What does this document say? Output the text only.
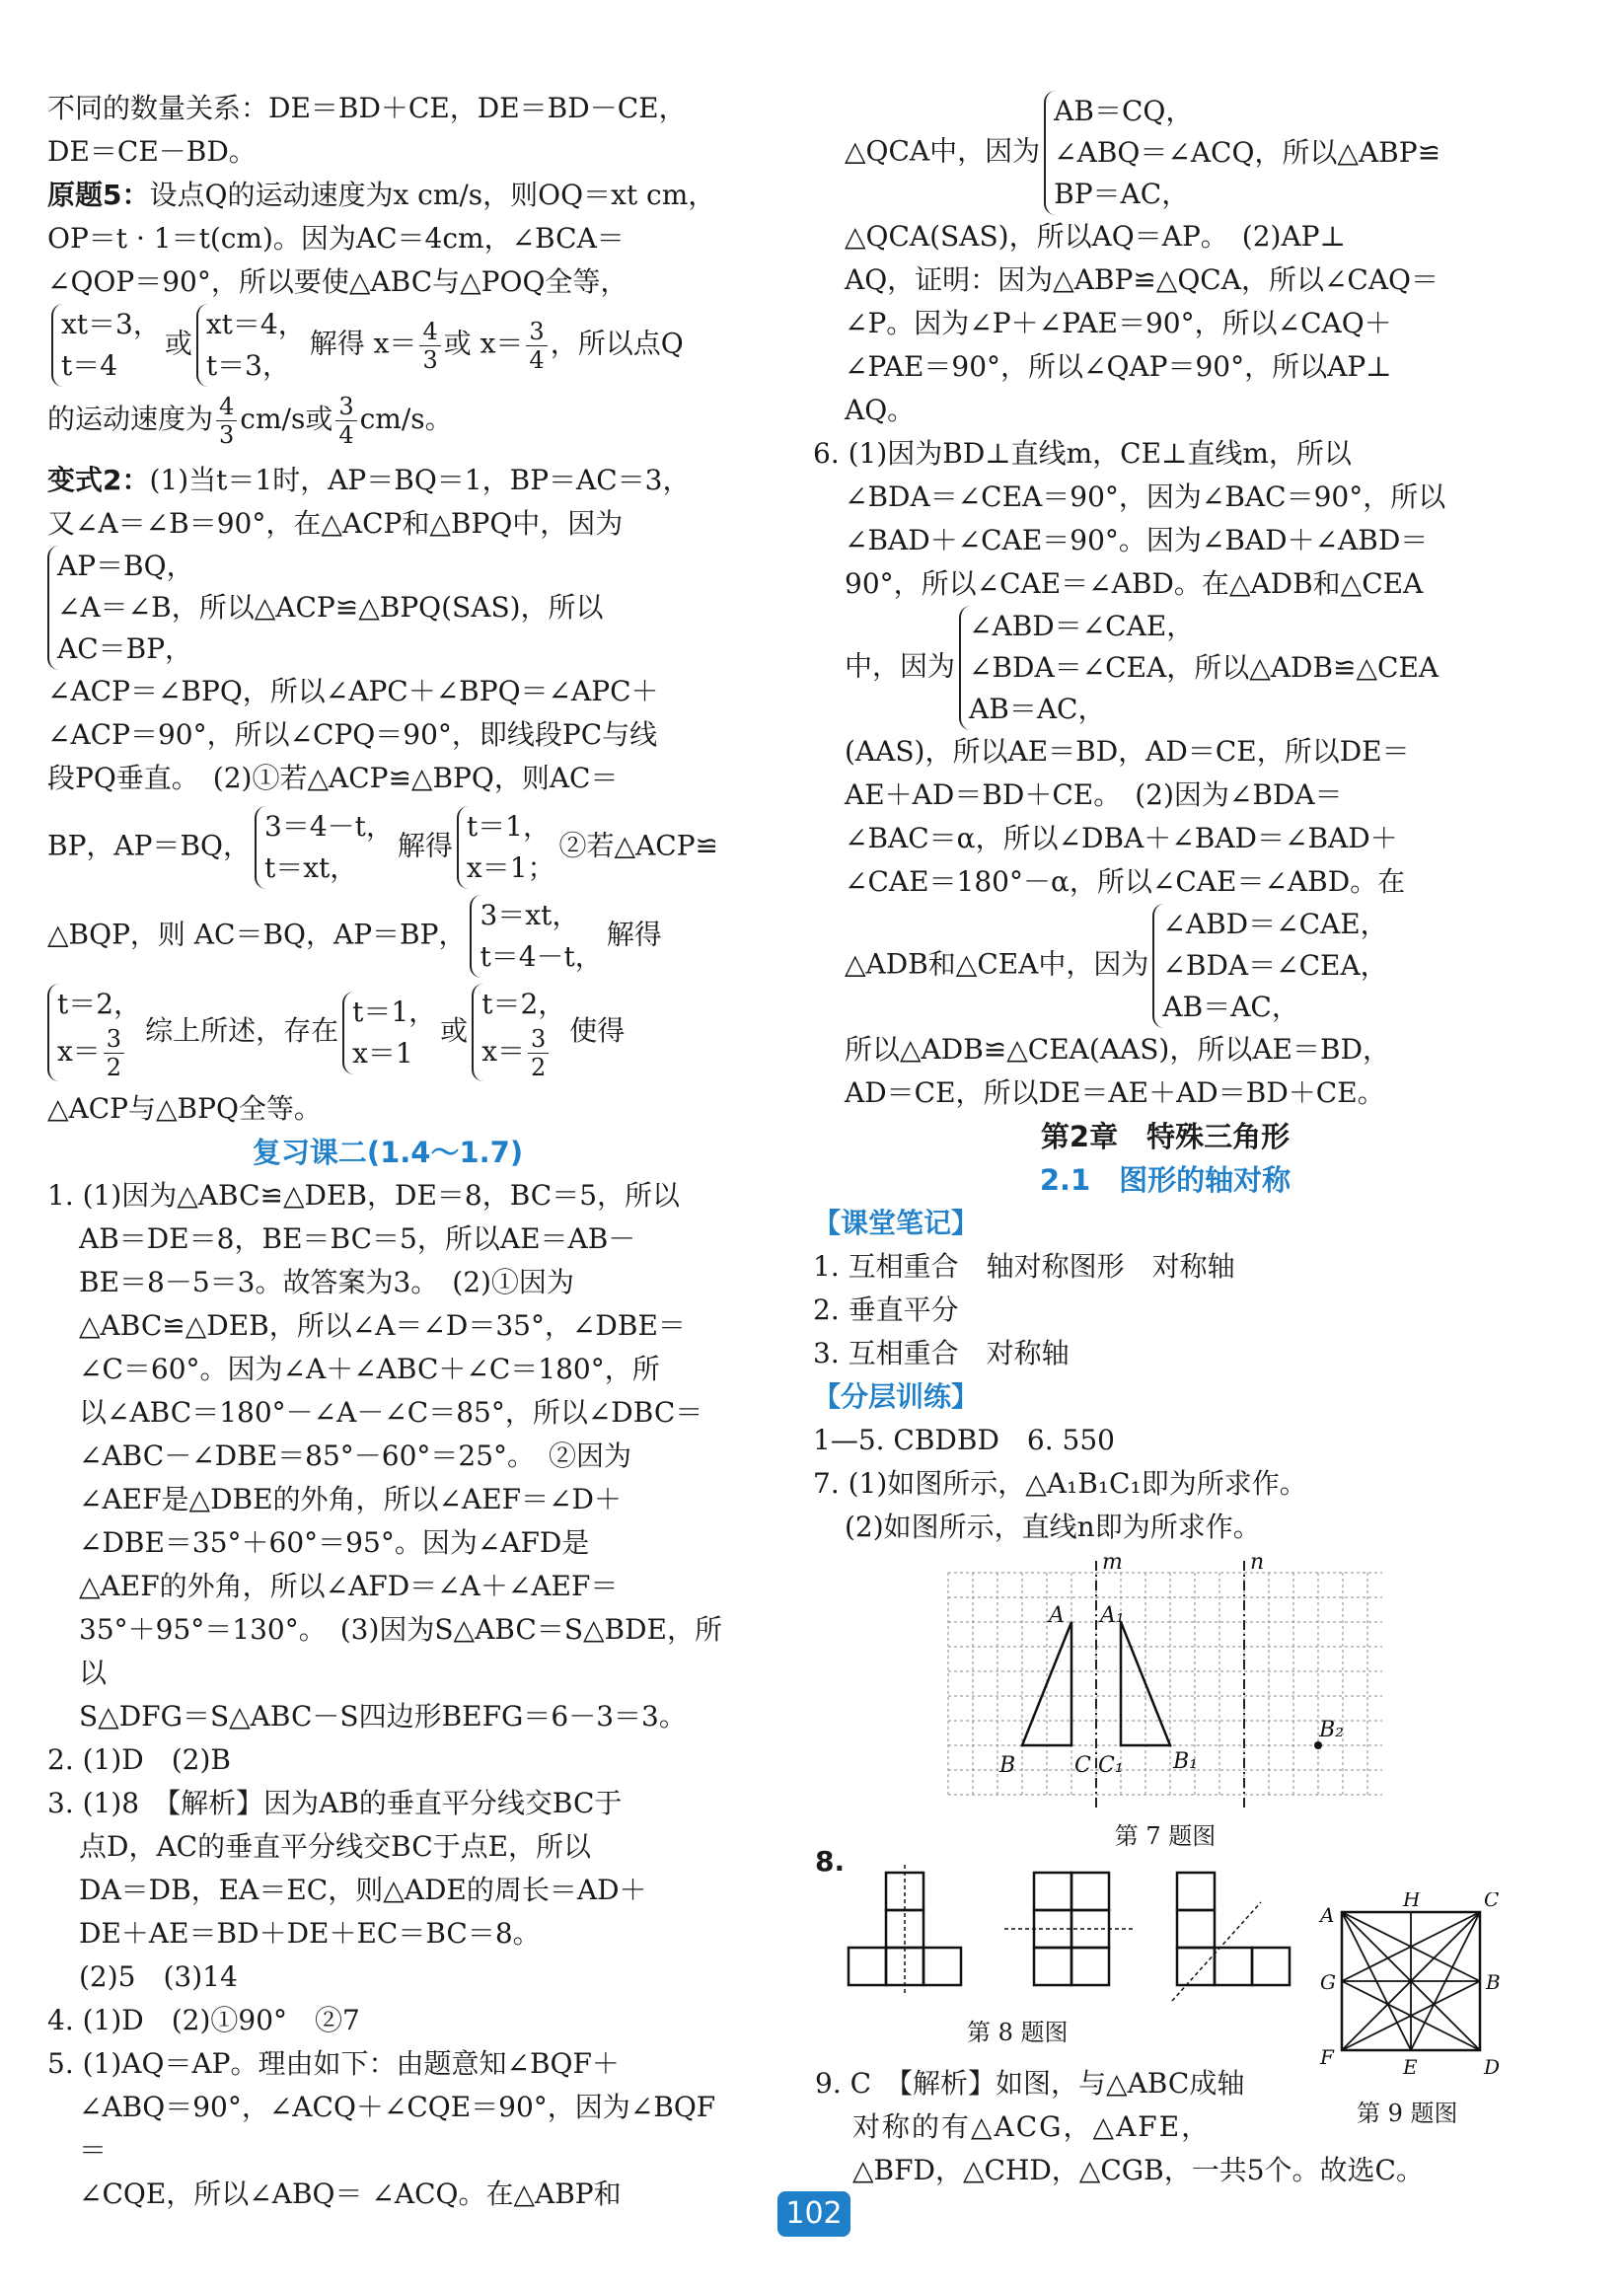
不同的数量关系：DE＝BD＋CE，DE＝BD－CE，

DE＝CE－BD。

原题5：设点Q的运动速度为x cm/s，则OQ＝xt cm，

OP＝t · 1＝t(cm)。因为AC＝4cm，∠BCA＝

∠QOP＝90°，所以要使△ABC与△POQ全等，

xt＝3，
t＝4或xt＝4，
t＝3，解得 $x= \frac{4}{3}$ 或 $x= \frac{3}{4}$ ，所以点Q

的运动速度为 $\frac{4}{3} cm/s$或 $\frac{3}{4} cm/s$。

变式2：(1)当t＝1时，AP＝BQ＝1，BP＝AC＝3，

又∠A＝∠B＝90°，在△ACP和△BPQ中，因为

AP＝BQ，
∠A＝∠B，所以△ACP≌△BPQ(SAS)，所以
AC＝BP，

∠ACP＝∠BPQ，所以∠APC＋∠BPQ＝∠APC＋

∠ACP＝90°，所以∠CPQ＝90°，即线段PC与线

段PQ垂直。　(2)①若△ACP≌△BPQ，则AC＝

BP，AP＝BQ，3＝4－t，
t＝xt，解得t＝1，
x＝1；②若△ACP≌

△BQP，则 AC＝BQ，AP＝BP，3＝xt，
t＝4－t，解得

t＝2，
$x= \frac{3}{2}$ 综上所述，存在t＝1，
x＝1或t＝2，
$x= \frac{3}{2}$ 使得

△ACP与△BPQ全等。

复习课二(1.4～1.7)

1. (1)因为△ABC≌△DEB，DE＝8，BC＝5，所以

AB＝DE＝8，BE＝BC＝5，所以AE＝AB－

BE＝8－5＝3。故答案为3。　(2)①因为

△ABC≌△DEB，所以∠A＝∠D＝35°，∠DBE＝

∠C＝60°。因为∠A＋∠ABC＋∠C＝180°，所

以∠ABC＝180°－∠A－∠C＝85°，所以∠DBC＝

∠ABC－∠DBE＝85°－60°＝25°。　②因为

∠AEF是△DBE的外角，所以∠AEF＝∠D＋

∠DBE＝35°＋60°＝95°。因为∠AFD是

△AEF的外角，所以∠AFD＝∠A＋∠AEF＝

35°＋95°＝130°。　(3)因为S△ABC＝S△BDE，所以

S△DFG＝S△ABC－S四边形BEFG＝6－3＝3。

2. (1)D　(2)B

3. (1)8　【解析】因为AB的垂直平分线交BC于

点D，AC的垂直平分线交BC于点E，所以

DA＝DB，EA＝EC，则△ADE的周长＝AD＋

DE＋AE＝BD＋DE＋EC＝BC＝8。

(2)5　(3)14

4. (1)D　(2)①90°　②7

5. (1)AQ＝AP。理由如下：由题意知∠BQF＋

∠ABQ＝90°，∠ACQ＋∠CQE＝90°，因为∠BQF＝

∠CQE，所以∠ABQ＝ ∠ACQ。在△ABP和

△QCA中，因为AB＝CQ，
∠ABQ＝∠ACQ，所以△ABP≌
BP＝AC，

△QCA(SAS)，所以AQ＝AP。　(2)AP⊥

AQ，证明：因为△ABP≌△QCA，所以∠CAQ＝

∠P。因为∠P＋∠PAE＝90°，所以∠CAQ＋

∠PAE＝90°，所以∠QAP＝90°，所以AP⊥

AQ。

6. (1)因为BD⊥直线m，CE⊥直线m，所以

∠BDA＝∠CEA＝90°，因为∠BAC＝90°，所以

∠BAD＋∠CAE＝90°。因为∠BAD＋∠ABD＝

90°，所以∠CAE＝∠ABD。在△ADB和△CEA

中，因为∠ABD＝∠CAE，
∠BDA＝∠CEA，所以△ADB≌△CEA
AB＝AC，

(AAS)，所以AE＝BD，AD＝CE，所以DE＝

AE＋AD＝BD＋CE。　(2)因为∠BDA＝

∠BAC＝α，所以∠DBA＋∠BAD＝∠BAD＋

∠CAE＝180°－α，所以∠CAE＝∠ABD。在

△ADB和△CEA中，因为∠ABD＝∠CAE，
∠BDA＝∠CEA，
AB＝AC，

所以△ADB≌△CEA(AAS)，所以AE＝BD，

AD＝CE，所以DE＝AE＋AD＝BD＋CE。

第2章　特殊三角形

2.1　图形的轴对称

【课堂笔记】

1. 互相重合　轴对称图形　对称轴

2. 垂直平分

3. 互相重合　对称轴

【分层训练】

1—5. CBDBD　6. 550

7. (1)如图所示，△A₁B₁C₁即为所求作。

(2)如图所示，直线n即为所求作。

m	n
A A₁
B	C C₁ B₁
B₂

第 7 题图

8.
第 8 题图
A
H	C
G	B
F	E	D
第 9 题图

9. C　【解析】如图，与△ABC成轴

对称的有△ACG，△AFE，

△BFD，△CHD，△CGB，一共5个。故选C。

102
